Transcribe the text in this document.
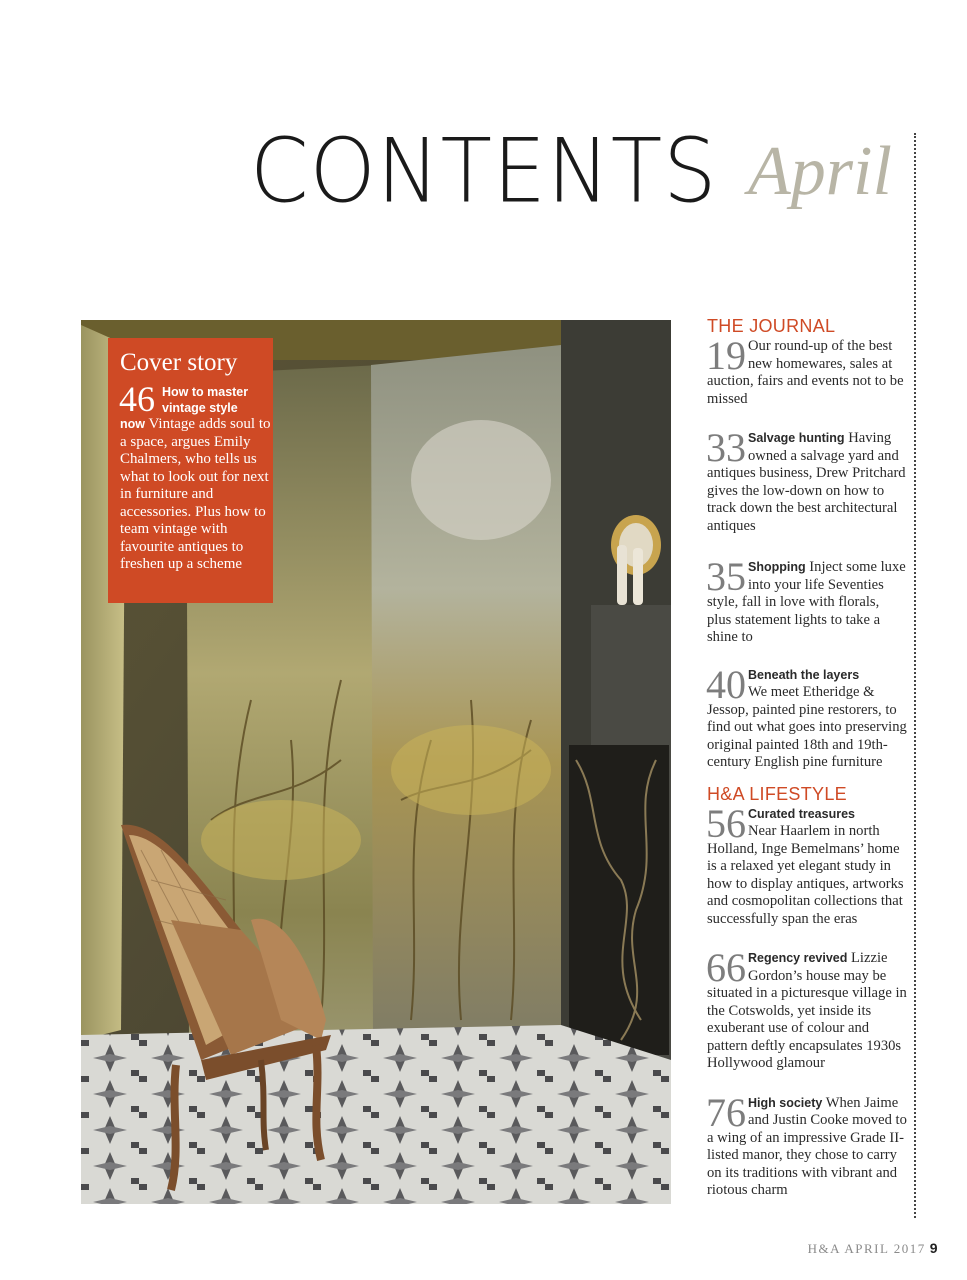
CONTENTS April
Cover story
46 How to master vintage style
now Vintage adds soul to a space, argues Emily Chalmers, who tells us what to look out for next in furniture and accessories. Plus how to team vintage with favourite antiques to freshen up a scheme
THE JOURNAL
19 Our round-up of the best new homewares, sales at auction, fairs and events not to be missed
33 Salvage hunting Having owned a salvage yard and antiques business, Drew Pritchard gives the low-down on how to track down the best architectural antiques
35 Shopping Inject some luxe into your life Seventies style, fall in love with florals, plus statement lights to take a shine to
40 Beneath the layers
We meet Etheridge & Jessop, painted pine restorers, to find out what goes into preserving original painted 18th and 19th-century English pine furniture
H&A LIFESTYLE
56 Curated treasures
Near Haarlem in north Holland, Inge Bemelmans’ home is a relaxed yet elegant study in how to display antiques, artworks and cosmopolitan collections that successfully span the eras
66 Regency revived Lizzie Gordon’s house may be situated in a picturesque village in the Cotswolds, yet inside its exuberant use of colour and pattern deftly encapsulates 1930s Hollywood glamour
76 High society When Jaime and Justin Cooke moved to a wing of an impressive Grade II-listed manor, they chose to carry on its traditions with vibrant and riotous charm
H&A APRIL 2017 9
